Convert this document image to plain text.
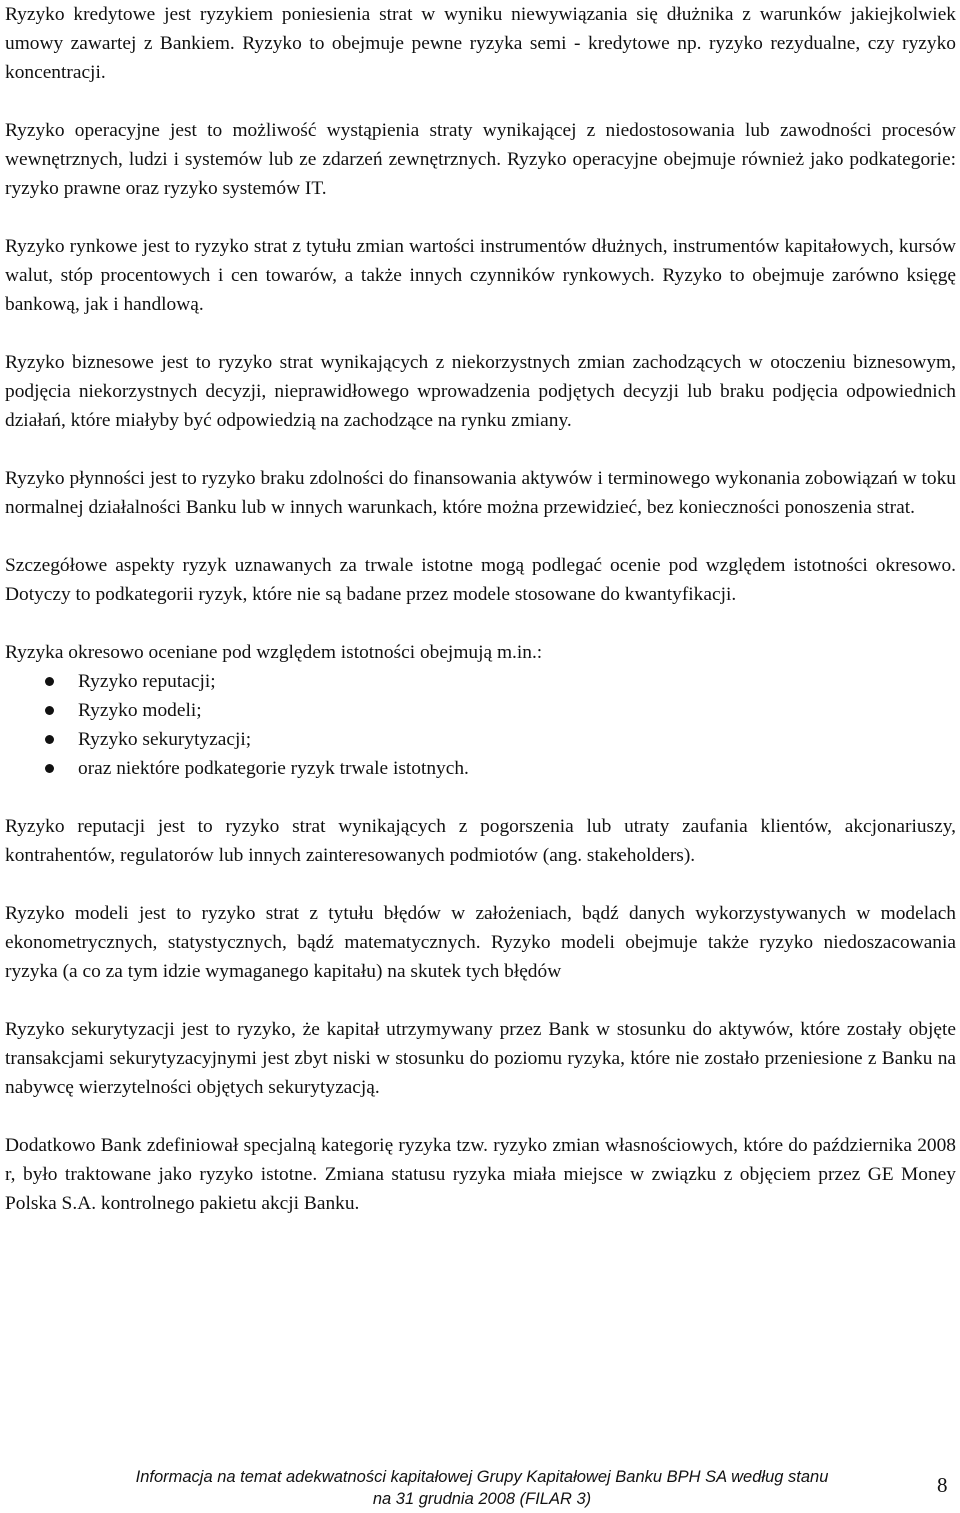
Ryzyko kredytowe jest ryzykiem poniesienia strat w wyniku niewywiązania się dłużnika z warunków jakiejkolwiek umowy zawartej z Bankiem. Ryzyko to obejmuje pewne ryzyka semi - kredytowe np. ryzyko rezydualne, czy ryzyko koncentracji.

Ryzyko operacyjne jest to możliwość wystąpienia straty wynikającej z niedostosowania lub zawodności procesów wewnętrznych, ludzi i systemów lub ze zdarzeń zewnętrznych. Ryzyko operacyjne obejmuje również jako podkategorie: ryzyko prawne oraz ryzyko systemów IT.

Ryzyko rynkowe jest to ryzyko strat z tytułu zmian wartości instrumentów dłużnych, instrumentów kapitałowych, kursów walut, stóp procentowych i cen towarów, a także innych czynników rynkowych. Ryzyko to obejmuje zarówno księgę bankową, jak i handlową.

Ryzyko biznesowe jest to ryzyko strat wynikających z niekorzystnych zmian zachodzących w otoczeniu biznesowym, podjęcia niekorzystnych decyzji, nieprawidłowego wprowadzenia podjętych decyzji lub braku podjęcia odpowiednich działań, które miałyby być odpowiedzią na zachodzące na rynku zmiany.

Ryzyko płynności jest to ryzyko braku zdolności do finansowania aktywów i terminowego wykonania zobowiązań w toku normalnej działalności Banku lub w innych warunkach, które można przewidzieć, bez konieczności ponoszenia strat.

Szczegółowe aspekty ryzyk uznawanych za trwale istotne mogą podlegać ocenie pod względem istotności okresowo. Dotyczy to podkategorii ryzyk, które nie są badane przez modele stosowane do kwantyfikacji.

Ryzyka okresowo oceniane pod względem istotności obejmują m.in.:

Ryzyko reputacji;
Ryzyko modeli;
Ryzyko sekurytyzacji;
oraz niektóre podkategorie ryzyk trwale istotnych.

Ryzyko reputacji jest to ryzyko strat wynikających z pogorszenia lub utraty zaufania klientów, akcjonariuszy, kontrahentów, regulatorów lub innych zainteresowanych podmiotów (ang. stakeholders).

Ryzyko modeli jest to ryzyko strat z tytułu błędów w założeniach, bądź danych wykorzystywanych w modelach ekonometrycznych, statystycznych, bądź matematycznych. Ryzyko modeli obejmuje także ryzyko niedoszacowania ryzyka (a co za tym idzie wymaganego kapitału) na skutek tych błędów

Ryzyko sekurytyzacji jest to ryzyko, że kapitał utrzymywany przez Bank w stosunku do aktywów, które zostały objęte transakcjami sekurytyzacyjnymi jest zbyt niski w stosunku do poziomu ryzyka, które nie zostało przeniesione z Banku na nabywcę wierzytelności objętych sekurytyzacją.

Dodatkowo Bank zdefiniował specjalną kategorię ryzyka tzw. ryzyko zmian własnościowych, które do października 2008 r, było traktowane jako ryzyko istotne. Zmiana statusu ryzyka miała miejsce w związku z objęciem przez GE Money Polska S.A. kontrolnego pakietu akcji Banku.

Informacja na temat adekwatności kapitałowej Grupy Kapitałowej Banku BPH SA według stanu
na 31 grudnia 2008 (FILAR 3)
8
